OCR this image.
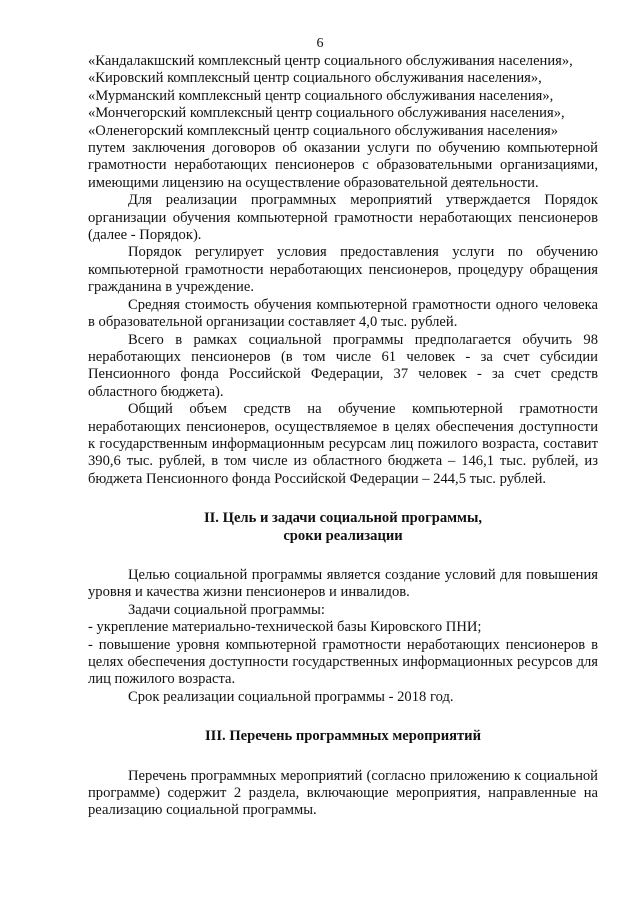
6

«Кандалакшский комплексный центр социального обслуживания населения»,

«Кировский комплексный центр социального обслуживания населения»,

«Мурманский комплексный центр социального обслуживания населения»,

«Мончегорский комплексный центр социального обслуживания населения»,

«Оленегорский комплексный центр социального обслуживания населения»

путем заключения договоров об оказании услуги по обучению компьютерной грамотности неработающих пенсионеров с образовательными организациями, имеющими лицензию на осуществление образовательной деятельности.

Для реализации программных мероприятий утверждается Порядок организации обучения компьютерной грамотности неработающих пенсионеров (далее - Порядок).

Порядок регулирует условия предоставления услуги по обучению компьютерной грамотности неработающих пенсионеров, процедуру обращения гражданина в учреждение.

Средняя стоимость обучения компьютерной грамотности одного человека в образовательной организации составляет 4,0 тыс. рублей.

Всего в рамках социальной программы предполагается обучить 98 неработающих пенсионеров (в том числе 61 человек - за счет субсидии Пенсионного фонда Российской Федерации, 37 человек - за счет средств областного бюджета).

Общий объем средств на обучение компьютерной грамотности неработающих пенсионеров, осуществляемое в целях обеспечения доступности к государственным информационным ресурсам лиц пожилого возраста, составит 390,6 тыс. рублей, в том числе из областного бюджета – 146,1 тыс. рублей, из бюджета Пенсионного фонда Российской Федерации – 244,5 тыс. рублей.

II. Цель и задачи социальной программы,
сроки реализации

Целью социальной программы является создание условий для повышения уровня и качества жизни пенсионеров и инвалидов.

Задачи социальной программы:

- укрепление материально-технической базы Кировского ПНИ;

- повышение уровня компьютерной грамотности неработающих пенсионеров в целях обеспечения доступности государственных информационных ресурсов для лиц пожилого возраста.

Срок реализации социальной программы - 2018 год.

III. Перечень программных мероприятий

Перечень программных мероприятий (согласно приложению к социальной программе) содержит 2 раздела, включающие мероприятия, направленные на реализацию социальной программы.
